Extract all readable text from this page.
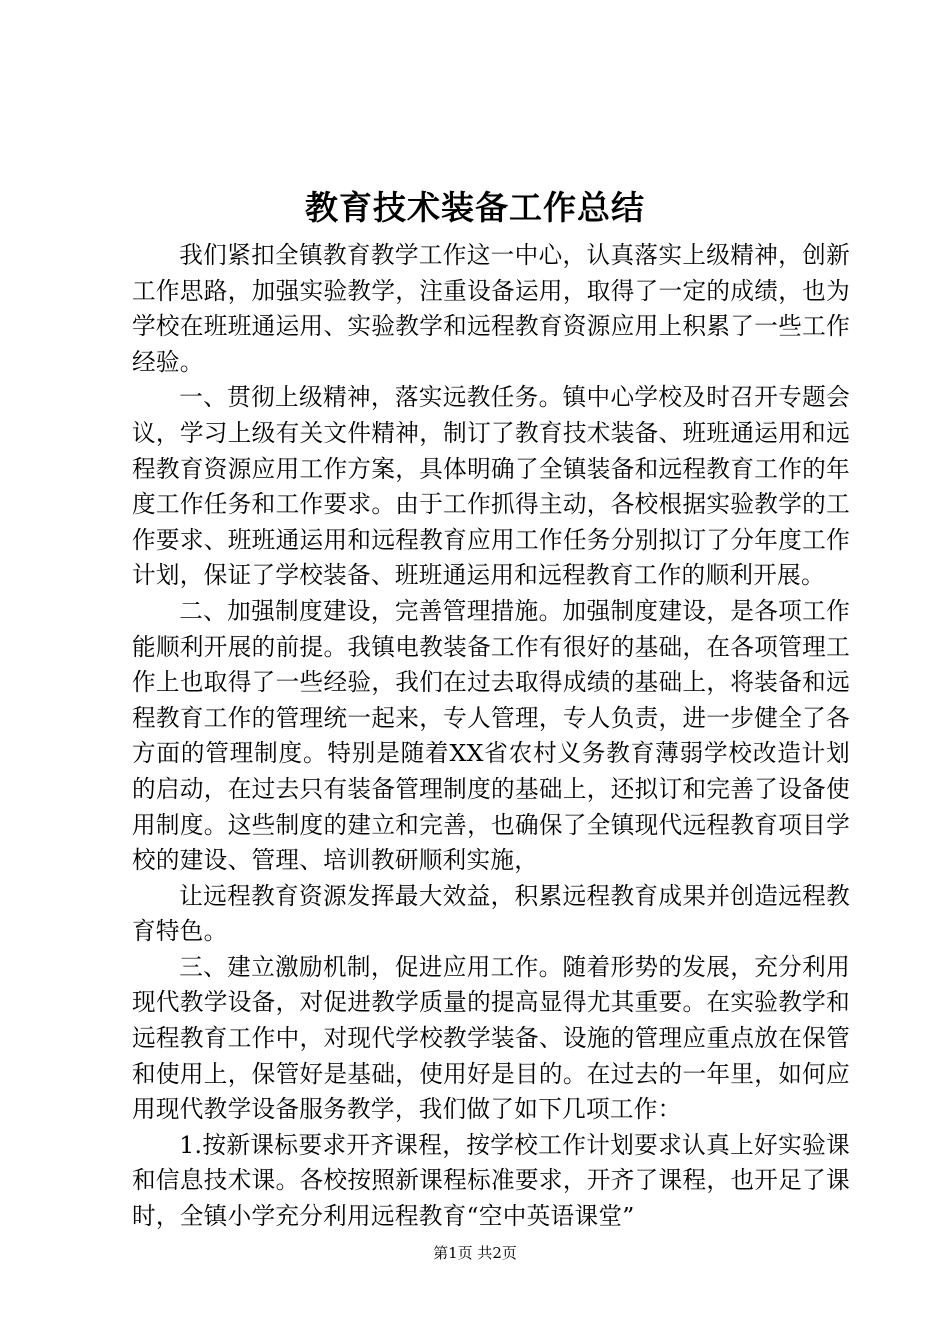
教育技术装备工作总结

我们紧扣全镇教育教学工作这一中心，认真落实上级精神，创新工作思路，加强实验教学，注重设备运用，取得了一定的成绩，也为学校在班班通运用、实验教学和远程教育资源应用上积累了一些工作经验。

一、贯彻上级精神，落实远教任务。镇中心学校及时召开专题会议，学习上级有关文件精神，制订了教育技术装备、班班通运用和远程教育资源应用工作方案，具体明确了全镇装备和远程教育工作的年度工作任务和工作要求。由于工作抓得主动，各校根据实验教学的工作要求、班班通运用和远程教育应用工作任务分别拟订了分年度工作计划，保证了学校装备、班班通运用和远程教育工作的顺利开展。

二、加强制度建设，完善管理措施。加强制度建设，是各项工作能顺利开展的前提。我镇电教装备工作有很好的基础，在各项管理工作上也取得了一些经验，我们在过去取得成绩的基础上，将装备和远程教育工作的管理统一起来，专人管理，专人负责，进一步健全了各方面的管理制度。特别是随着XX省农村义务教育薄弱学校改造计划的启动，在过去只有装备管理制度的基础上，还拟订和完善了设备使用制度。这些制度的建立和完善，也确保了全镇现代远程教育项目学校的建设、管理、培训教研顺利实施，

让远程教育资源发挥最大效益，积累远程教育成果并创造远程教育特色。

三、建立激励机制，促进应用工作。随着形势的发展，充分利用现代教学设备，对促进教学质量的提高显得尤其重要。在实验教学和远程教育工作中，对现代学校教学装备、设施的管理应重点放在保管和使用上，保管好是基础，使用好是目的。在过去的一年里，如何应用现代教学设备服务教学，我们做了如下几项工作：

1.按新课标要求开齐课程，按学校工作计划要求认真上好实验课和信息技术课。各校按照新课程标准要求，开齐了课程，也开足了课时，全镇小学充分利用远程教育“空中英语课堂”

第1页 共2页
